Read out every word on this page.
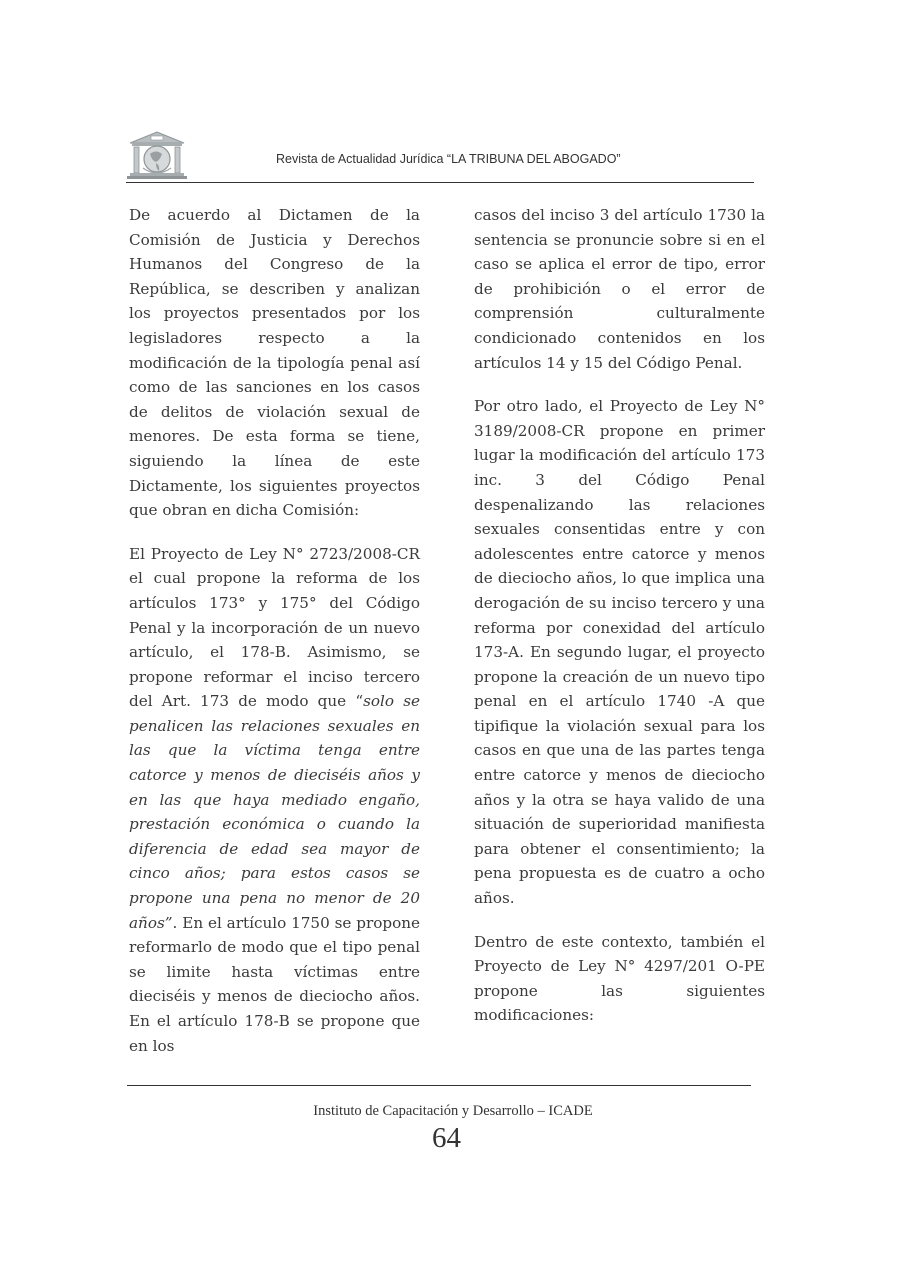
Revista de Actualidad Jurídica “LA TRIBUNA DEL ABOGADO”

De acuerdo al Dictamen de la Comisión de Justicia y Derechos Humanos del Congreso de la República, se describen y analizan los proyectos presentados por los legisladores respecto a la modificación de la tipología penal así como de las sanciones en los casos de delitos de violación sexual de menores. De esta forma se tiene, siguiendo la línea de este Dictamente, los siguientes proyectos que obran en dicha Comisión:

El Proyecto de Ley N° 2723/2008-CR el cual propone la reforma de los artículos 173° y 175° del Código Penal y la incorporación de un nuevo artículo, el 178-B. Asimismo, se propone reformar el inciso tercero del Art. 173 de modo que “solo se penalicen las relaciones sexuales en las que la víctima tenga entre catorce y menos de dieciséis años y en las que haya mediado engaño, prestación económica o cuando la diferencia de edad sea mayor de cinco años; para estos casos se propone una pena no menor de 20 años”. En el artículo 1750 se propone reformarlo de modo que el tipo penal se limite hasta víctimas entre dieciséis y menos de dieciocho años. En el artículo 178-B se propone que en los

casos del inciso 3 del artículo 1730 la sentencia se pronuncie sobre si en el caso se aplica el error de tipo, error de prohibición o el error de comprensión culturalmente condicionado contenidos en los artículos 14 y 15 del Código Penal.

Por otro lado, el Proyecto de Ley N° 3189/2008-CR propone en primer lugar la modificación del artículo 173 inc. 3 del Código Penal despenalizando las relaciones sexuales consentidas entre y con adolescentes entre catorce y menos de dieciocho años, lo que implica una derogación de su inciso tercero y una reforma por conexidad del artículo 173-A. En segundo lugar, el proyecto propone la creación de un nuevo tipo penal en el artículo 1740 -A que tipifique la violación sexual para los casos en que una de las partes tenga entre catorce y menos de dieciocho años y la otra se haya valido de una situación de superioridad manifiesta para obtener el consentimiento; la pena propuesta es de cuatro a ocho años.

Dentro de este contexto, también el Proyecto de Ley N° 4297/201 O-PE propone las siguientes modificaciones:

Instituto de Capacitación y Desarrollo – ICADE
64
